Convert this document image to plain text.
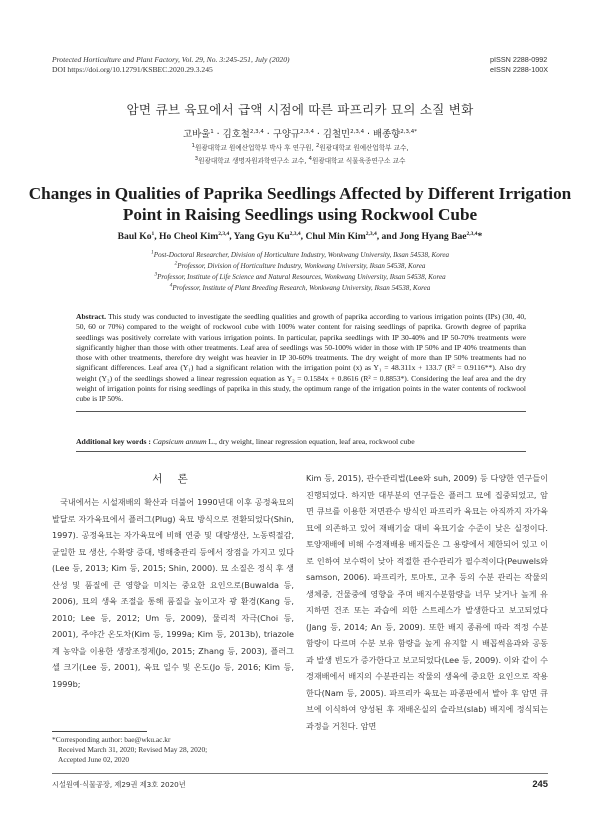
Protected Horticulture and Plant Factory, Vol. 29, No. 3:245-251, July (2020)
DOI https://doi.org/10.12791/KSBEC.2020.29.3.245
pISSN 2288-0992
eISSN 2288-100X
암면 큐브 육묘에서 급액 시점에 따른 파프리카 묘의 소질 변화
고바울$^1$ · 김호철$^{2,3,4}$ · 구양규$^{2,3,4}$ · 김철민$^{2,3,4}$ · 배종향$^{2,3,4*}$
$^1$원광대학교 원예산업학부 박사 후 연구원, $^2$원광대학교 원예산업학부 교수,
$^3$원광대학교 생명자원과학연구소 교수, $^4$원광대학교 식물육종연구소 교수
Changes in Qualities of Paprika Seedlings Affected by Different Irrigation
Point in Raising Seedlings using Rockwool Cube
Baul Ko$^1$, Ho Cheol Kim$^{2,3,4}$, Yang Gyu Ku$^{2,3,4}$, Chul Min Kim$^{2,3,4}$, and Jong Hyang Bae$^{2,3,4}$*
$^1$Post-Doctoral Researcher, Division of Horticulture Industry, Wonkwang University, Iksan 54538, Korea
$^2$Professor, Division of Horticulture Industry, Wonkwang University, Iksan 54538, Korea
$^3$Professor, Institute of Life Science and Natural Resources, Wonkwang University, Iksan 54538, Korea
$^4$Professor, Institute of Plant Breeding Research, Wonkwang University, Iksan 54538, Korea
Abstract. This study was conducted to investigate the seedling qualities and growth of paprika according to various irrigation points (IPs) (30, 40, 50, 60 or 70%) compared to the weight of rockwool cube with 100% water content for raising seedlings of paprika. Growth degree of paprika seedlings was positively correlate with various irrigation points. In particular, paprika seedlings with IP 30-40% and IP 50-70% treatments were significantly higher than those with other treatments. Leaf area of seedlings was 50-100% wider in those with IP 50% and IP 40% treatments than those with other treatments, therefore dry weight was heavier in IP 30-60% treatments. The dry weight of more than IP 50% treatments had no significant differences. Leaf area (Y₁) had a significant relation with the irrigation point (x) as Y₁ = 48.311x + 133.7 (R² = 0.9116**). Also dry weight (Y₂) of the seedlings showed a linear regression equation as Y₂ = 0.1584x + 0.8616 (R² = 0.8853*). Considering the leaf area and the dry weight of irrigation points for rising seedlings of paprika in this study, the optimum range of the irrigation points in the water contents of rockwool cube is IP 50%.
Additional key words : Capsicum annum L., dry weight, linear regression equation, leaf area, rockwool cube
서 론

국내에서는 시설재배의 확산과 더불어 1990년대 이후 공정육묘의 발달로 자가육묘에서 플러그(Plug) 육묘 방식으로 전환되었다(Shin, 1997). 공정육묘는 자가육묘에 비해 연중 및 대량생산, 노동력절감, 균일한 묘 생산, 수확량 증대, 병해충관리 등에서 장점을 가지고 있다(Lee 등, 2013; Kim 등, 2015; Shin, 2000). 묘 소질은 정식 후 생산성 및 품질에 큰 영향을 미치는 중요한 요인으로(Buwalda 등, 2006), 묘의 생육 조절을 통해 품질을 높이고자 광 환경(Kang 등, 2010; Lee 등, 2012; Um 등, 2009), 물리적 자극(Choi 등, 2001), 주야간 온도차(Kim 등, 1999a; Kim 등, 2013b), triazole계 농약을 이용한 생장조정제(Jo, 2015; Zhang 등, 2003), 플러그 셀 크기(Lee 등, 2001), 육묘 일수 및 온도(Jo 등, 2016; Kim 등, 1999b;

Kim 등, 2015), 관수관리법(Lee와 suh, 2009) 등 다양한 연구들이 진행되었다. 하지만 대부분의 연구들은 플러그 묘에 집중되었고, 암면 큐브를 이용한 저면관수 방식인 파프리카 육묘는 아직까지 자가육묘에 의존하고 있어 재배기술 대비 육묘기술 수준이 낮은 실정이다. 토양재배에 비해 수경재배용 배지들은 그 용량에서 제한되어 있고 이로 인하여 보수력이 낮아 적절한 관수관리가 필수적이다(Peuwels와 samson, 2006). 파프리카, 토마토, 고추 등의 수분 관리는 작물의 생체중, 건물중에 영향을 주며 배지수분함량을 너무 낮거나 높게 유지하면 건조 또는 과습에 의한 스트레스가 발생한다고 보고되었다(Jang 등, 2014; An 등, 2009). 또한 배지 종류에 따라 적정 수분 함량이 다르며 수분 보유 함량을 높게 유지할 시 배꼽썩음과와 공동과 발생 빈도가 증가한다고 보고되었다(Lee 등, 2009). 이와 같이 수경재배에서 배지의 수분관리는 작물의 생육에 중요한 요인으로 작용한다(Nam 등, 2005). 파프리카 육묘는 파종판에서 발아 후 암면 큐브에 이식하여 양성된 후 재배온실의 슬라브(slab) 배지에 정식되는 과정을 거친다. 암면

*Corresponding author: bae@wku.ac.kr
Received March 31, 2020; Revised May 28, 2020;
Accepted June 02, 2020
시설원예·식물공장, 제29권 제3호 2020년	245
